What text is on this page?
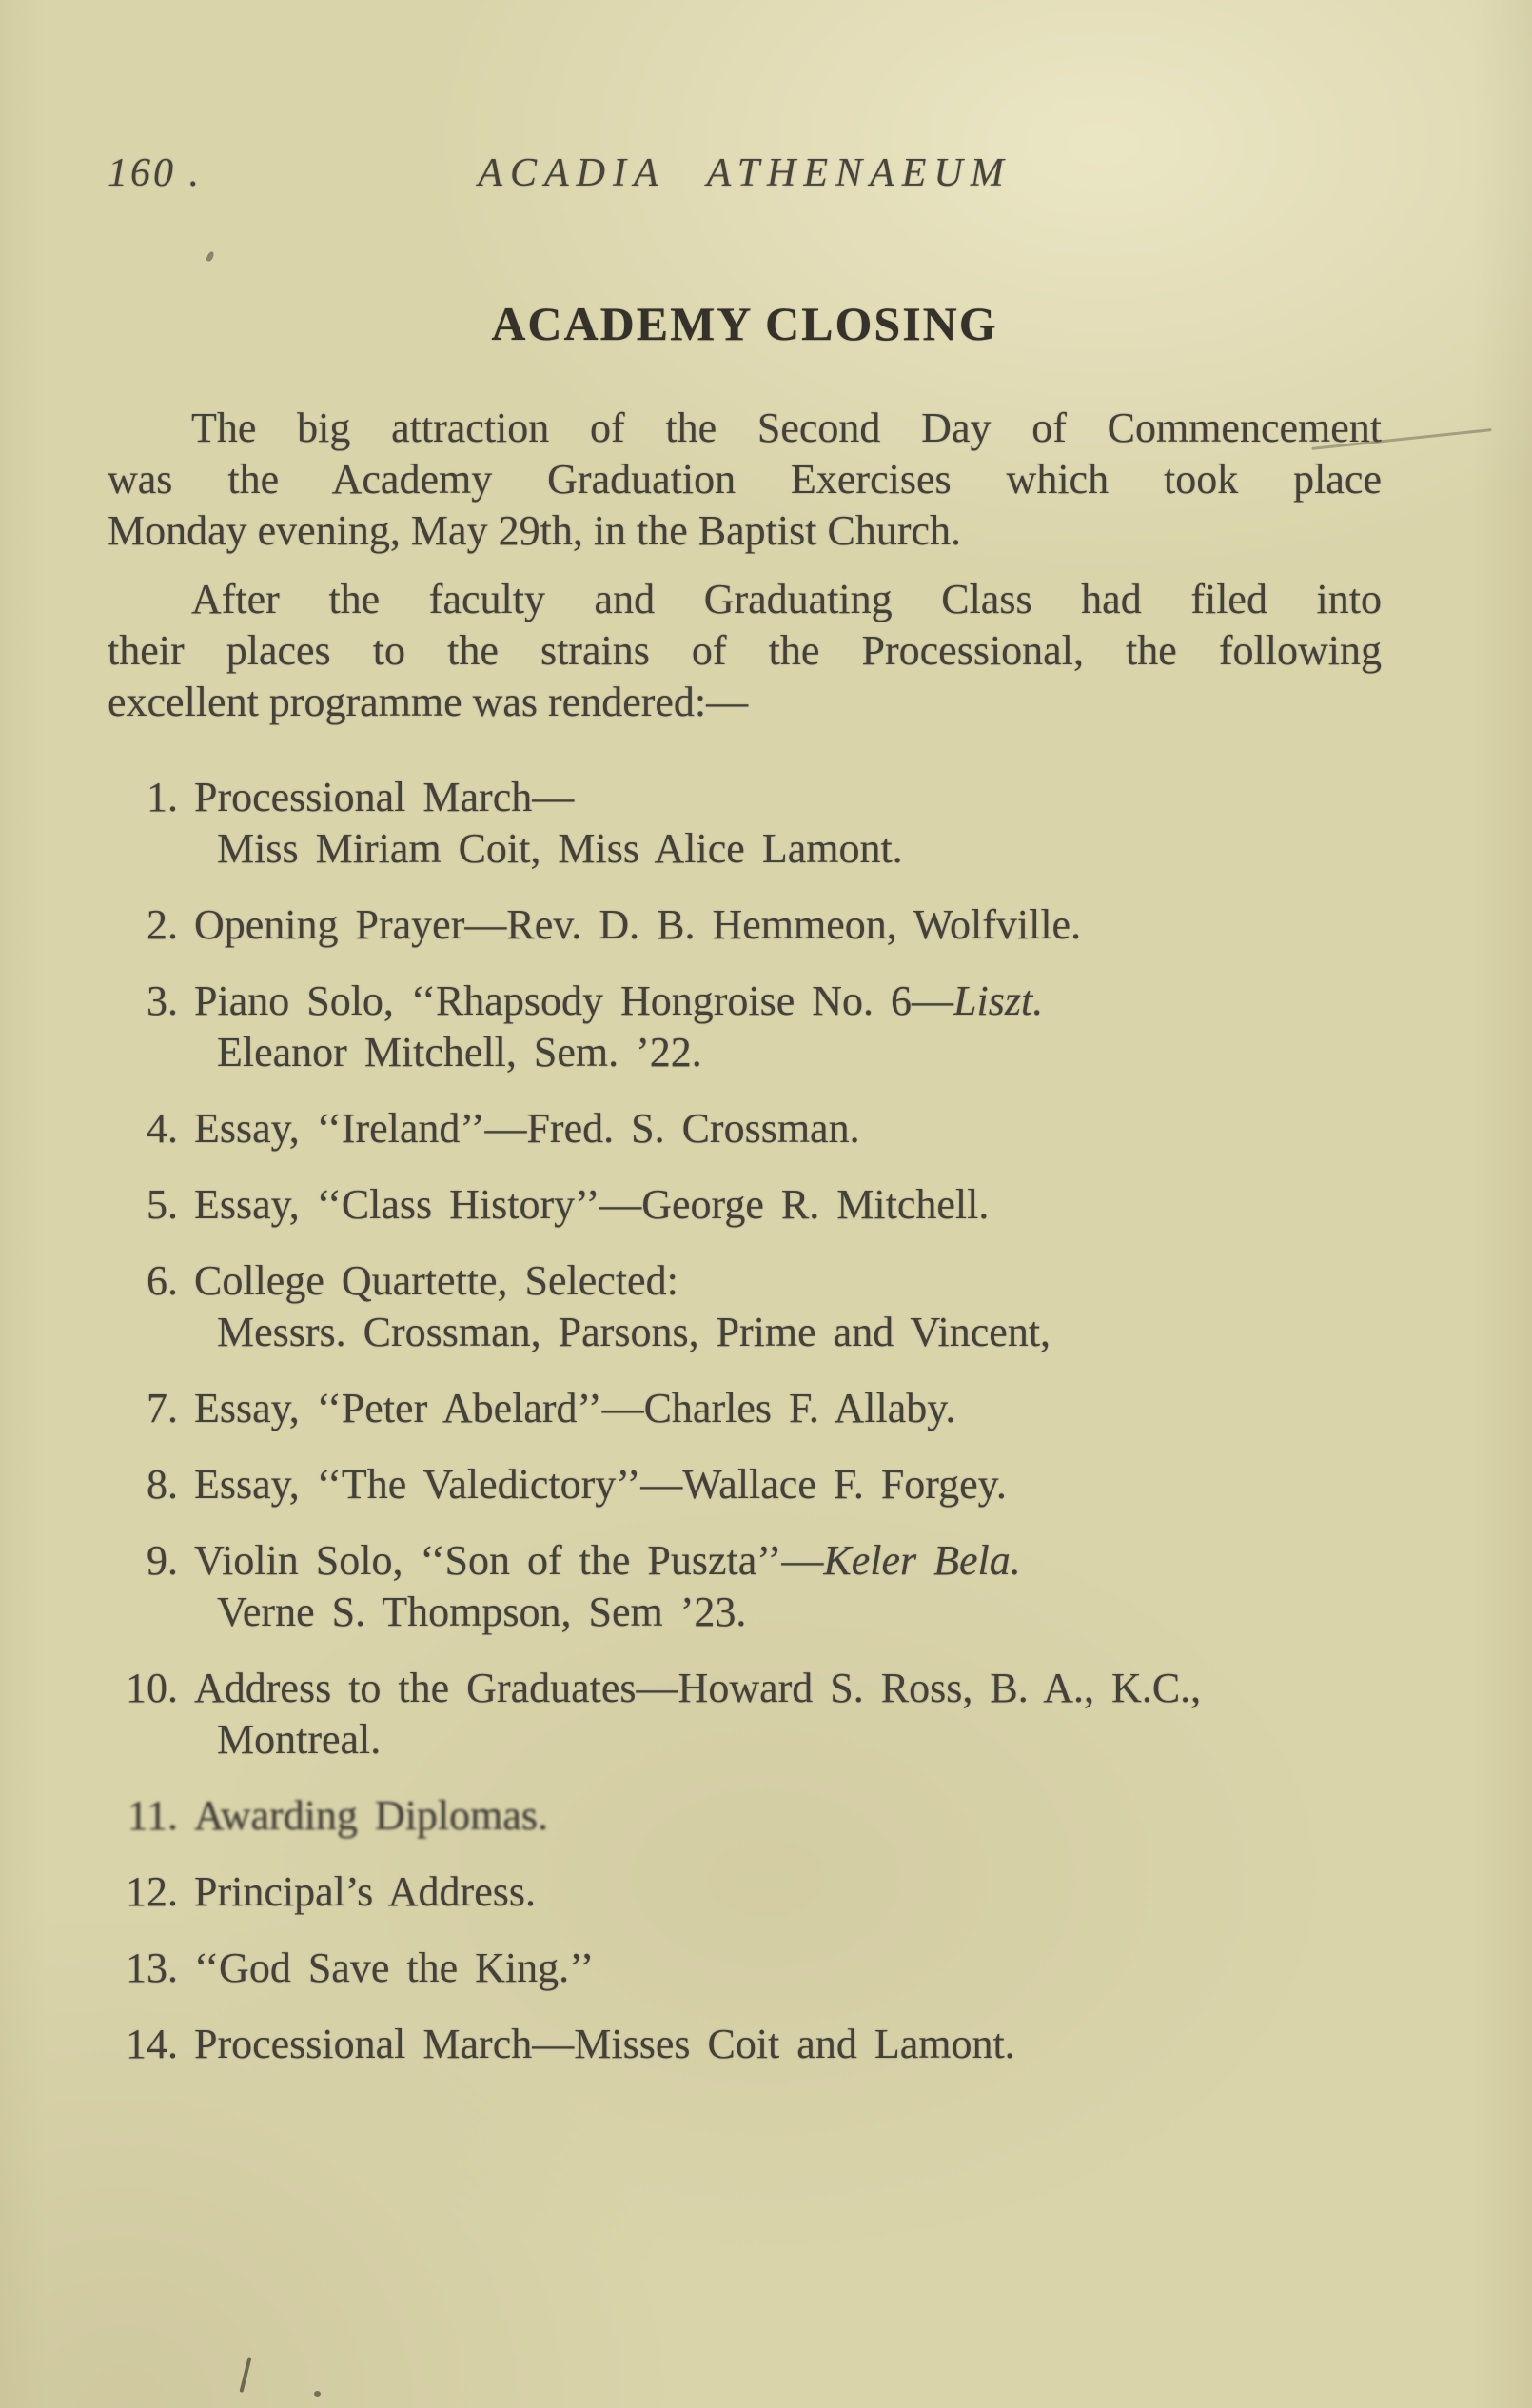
160 .	ACADIA ATHENAEUM
ACADEMY CLOSING

The big attraction of the Second Day of Commencement
was the Academy Graduation Exercises which took place
Monday evening, May 29th, in the Baptist Church.

After the faculty and Graduating Class had filed into
their places to the strains of the Processional, the following
excellent programme was rendered:—

1. Processional March—
Miss Miriam Coit, Miss Alice Lamont.
2. Opening Prayer—Rev. D. B. Hemmeon, Wolfville.
3. Piano Solo, ‘‘Rhapsody Hongroise No. 6—Liszt.
Eleanor Mitchell, Sem. ’22.
4. Essay, ‘‘Ireland’’—Fred. S. Crossman.
5. Essay, ‘‘Class History’’—George R. Mitchell.
6. College Quartette, Selected:
Messrs. Crossman, Parsons, Prime and Vincent,
7. Essay, ‘‘Peter Abelard’’—Charles F. Allaby.
8. Essay, ‘‘The Valedictory’’—Wallace F. Forgey.
9. Violin Solo, ‘‘Son of the Puszta’’—Keler Bela.
Verne S. Thompson, Sem ’23.
10. Address to the Graduates—Howard S. Ross, B. A., K.C.,
Montreal.
11. Awarding Diplomas.
12. Principal’s Address.
13. ‘‘God Save the King.’’
14. Processional March—Misses Coit and Lamont.
